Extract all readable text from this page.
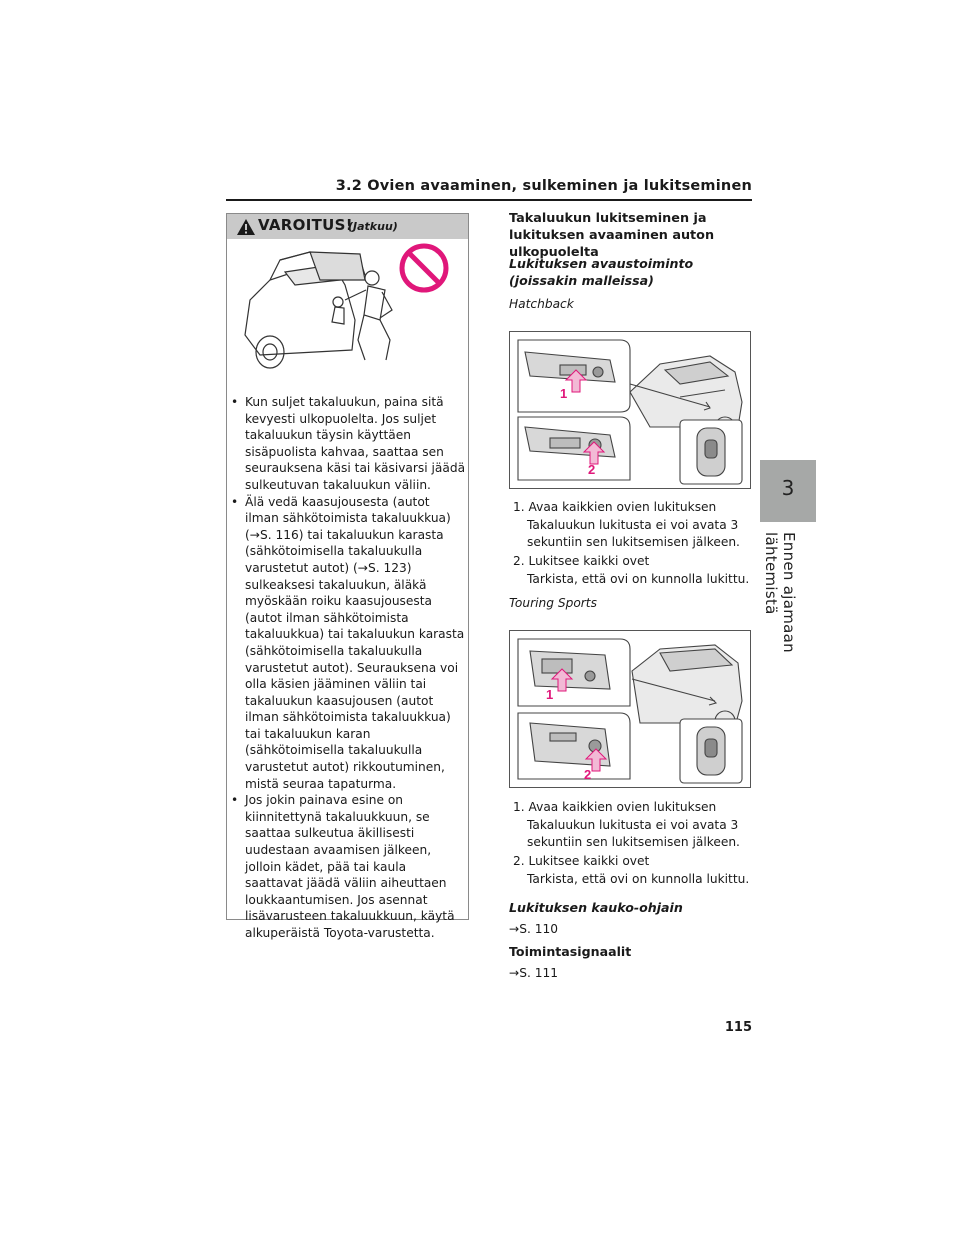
3.2 Ovien avaaminen, sulkeminen ja lukitseminen
3
Ennen ajamaan lähtemistä
VAROITUS!
(Jatkuu)
• Kun suljet takaluukun, paina sitä kevyesti ulkopuolelta. Jos suljet takaluukun täysin käyttäen sisäpuolista kahvaa, saattaa sen seurauksena käsi tai käsivarsi jäädä sulkeutuvan takaluukun väliin.
• Älä vedä kaasujousesta (autot ilman sähkötoimista takaluukkua) (→S. 116) tai takaluukun karasta (sähkötoimisella takaluukulla varustetut autot) (→S. 123) sulkeaksesi takaluukun, äläkä myöskään roiku kaasujousesta (autot ilman sähkötoimista takaluukkua) tai takaluukun karasta (sähkötoimisella takaluukulla varustetut autot). Seurauksena voi olla käsien jääminen väliin tai takaluukun kaasujousen (autot ilman sähkötoimista takaluukkua) tai takaluukun karan (sähkötoimisella takaluukulla varustetut autot) rikkoutuminen, mistä seuraa tapaturma.
• Jos jokin painava esine on kiinnitettynä takaluukkuun, se saattaa sulkeutua äkillisesti uudestaan avaamisen jälkeen, jolloin kädet, pää tai kaula saattavat jäädä väliin aiheuttaen loukkaantumisen. Jos asennat lisävarusteen takaluukkuun, käytä alkuperäistä Toyota-varustetta.
Takaluukun lukitseminen ja lukituksen avaaminen auton ulkopuolelta
Lukituksen avaustoiminto (joissakin malleissa)
Hatchback
1
2
1. Avaa kaikkien ovien lukituksen
Takaluukun lukitusta ei voi avata 3 sekuntiin sen lukitsemisen jälkeen.
2. Lukitsee kaikki ovet
Tarkista, että ovi on kunnolla lukittu.
Touring Sports
1
2
1. Avaa kaikkien ovien lukituksen
Takaluukun lukitusta ei voi avata 3 sekuntiin sen lukitsemisen jälkeen.
2. Lukitsee kaikki ovet
Tarkista, että ovi on kunnolla lukittu.
Lukituksen kauko-ohjain
→S. 110
Toimintasignaalit
→S. 111
115
